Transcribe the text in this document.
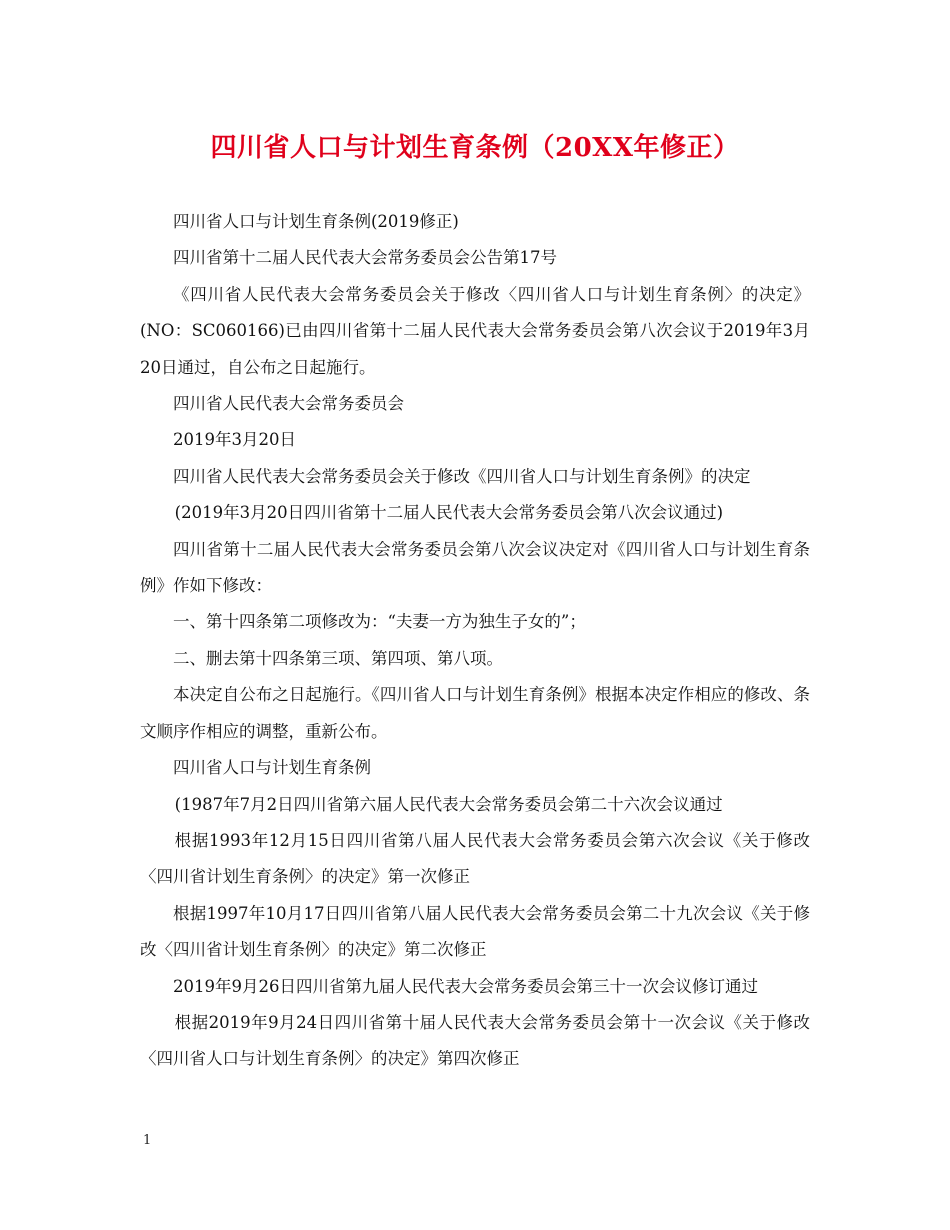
四川省人口与计划生育条例（20XX年修正）

四川省人口与计划生育条例(2019修正)

四川省第十二届人民代表大会常务委员会公告第17号

《四川省人民代表大会常务委员会关于修改〈四川省人口与计划生育条例〉的决定》(NO：SC060166)已由四川省第十二届人民代表大会常务委员会第八次会议于2019年3月20日通过，自公布之日起施行。

四川省人民代表大会常务委员会

2019年3月20日

四川省人民代表大会常务委员会关于修改《四川省人口与计划生育条例》的决定

(2019年3月20日四川省第十二届人民代表大会常务委员会第八次会议通过)

四川省第十二届人民代表大会常务委员会第八次会议决定对《四川省人口与计划生育条例》作如下修改：

一、第十四条第二项修改为：“夫妻一方为独生子女的”；

二、删去第十四条第三项、第四项、第八项。

本决定自公布之日起施行。《四川省人口与计划生育条例》根据本决定作相应的修改、条文顺序作相应的调整，重新公布。

四川省人口与计划生育条例

(1987年7月2日四川省第六届人民代表大会常务委员会第二十六次会议通过

根据1993年12月15日四川省第八届人民代表大会常务委员会第六次会议《关于修改〈四川省计划生育条例〉的决定》第一次修正

根据1997年10月17日四川省第八届人民代表大会常务委员会第二十九次会议《关于修改〈四川省计划生育条例〉的决定》第二次修正

2019年9月26日四川省第九届人民代表大会常务委员会第三十一次会议修订通过

根据2019年9月24日四川省第十届人民代表大会常务委员会第十一次会议《关于修改〈四川省人口与计划生育条例〉的决定》第四次修正

1
